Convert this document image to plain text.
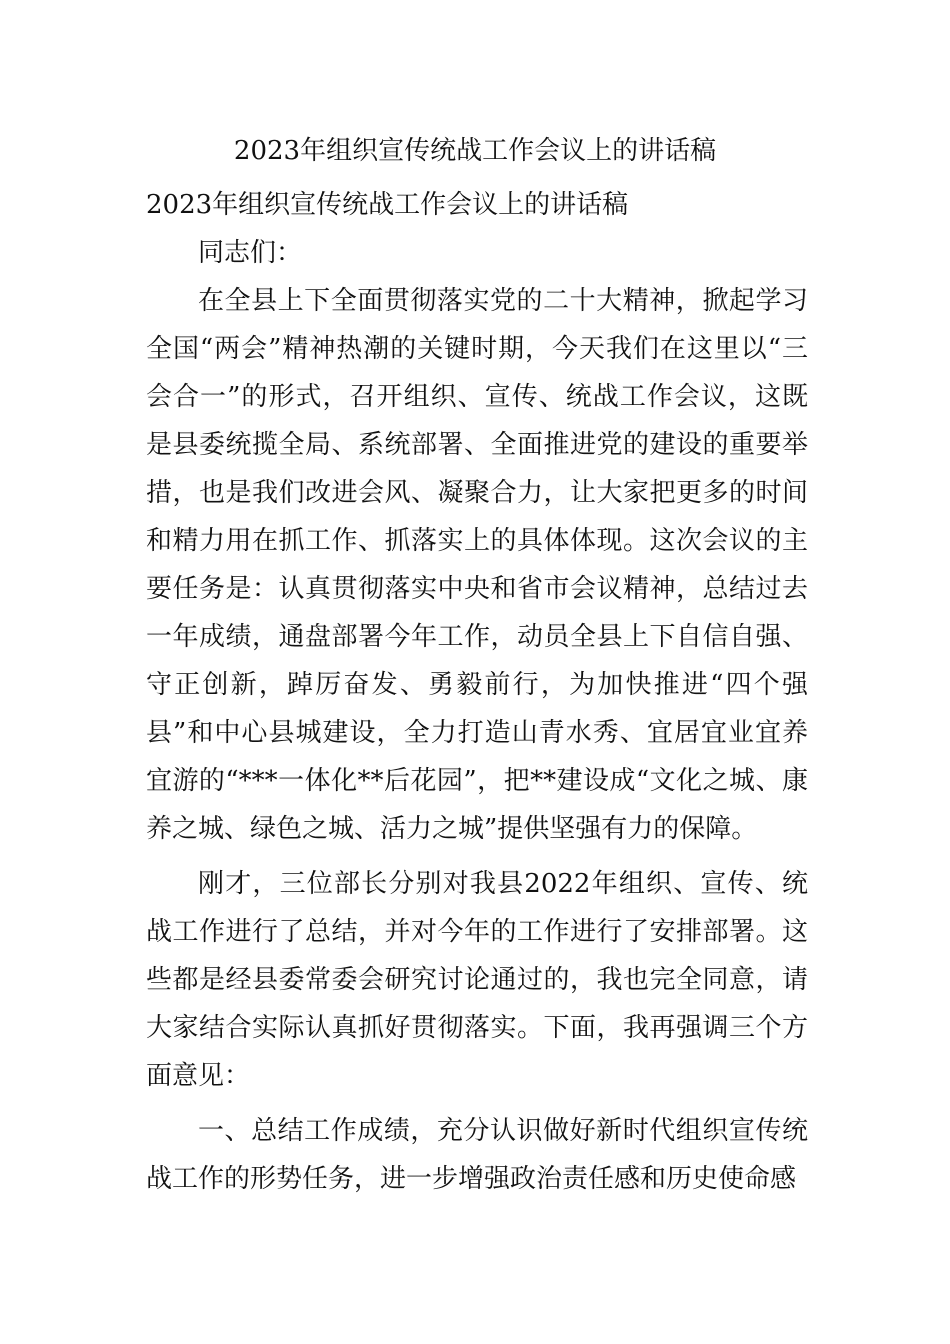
2023年组织宣传统战工作会议上的讲话稿

2023年组织宣传统战工作会议上的讲话稿

同志们：

在全县上下全面贯彻落实党的二十大精神，掀起学习全国“两会”精神热潮的关键时期，今天我们在这里以“三会合一”的形式，召开组织、宣传、统战工作会议，这既是县委统揽全局、系统部署、全面推进党的建设的重要举措，也是我们改进会风、凝聚合力，让大家把更多的时间和精力用在抓工作、抓落实上的具体体现。这次会议的主要任务是：认真贯彻落实中央和省市会议精神，总结过去一年成绩，通盘部署今年工作，动员全县上下自信自强、守正创新，踔厉奋发、勇毅前行，为加快推进“四个强县”和中心县城建设，全力打造山青水秀、宜居宜业宜养宜游的“***一体化**后花园”，把**建设成“文化之城、康养之城、绿色之城、活力之城”提供坚强有力的保障。

刚才，三位部长分别对我县2022年组织、宣传、统战工作进行了总结，并对今年的工作进行了安排部署。这些都是经县委常委会研究讨论通过的，我也完全同意，请大家结合实际认真抓好贯彻落实。下面，我再强调三个方面意见：

一、总结工作成绩，充分认识做好新时代组织宣传统战工作的形势任务，进一步增强政治责任感和历史使命感
